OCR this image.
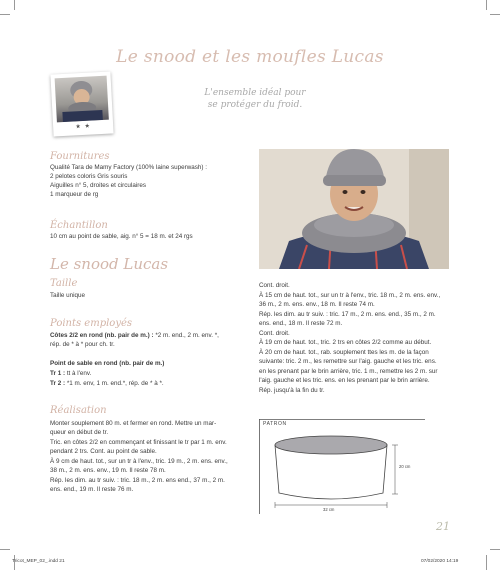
Le snood et les moufles Lucas
L'ensemble idéal pour
se protéger du froid.
★ ★
Fournitures
Qualité Tara de Mamy Factory (100% laine superwash) :
2 pelotes coloris Gris souris
Aiguilles n° 5, droites et circulaires
1 marqueur de rg
Échantillon
10 cm au point de sable, aig. n° 5 = 18 m. et 24 rgs
Le snood Lucas
Taille
Taille unique
Points employés
Côtes 2/2 en rond (nb. pair de m.) : *2 m. end., 2 m. env. *,
rép. de * à * pour ch. tr.
Point de sable en rond (nb. pair de m.)
Tr 1 : tt à l'env.
Tr 2 : *1 m. env, 1 m. end.*, rép. de * à *.
Réalisation
Monter souplement 80 m. et fermer en rond. Mettre un mar-
queur en début de tr.
Tric. en côtes 2/2 en commençant et finissant le tr par 1 m. env.
pendant 2 trs. Cont. au point de sable.
À 9 cm de haut. tot., sur un tr à l'env., tric. 19 m., 2 m. ens. env.,
38 m., 2 m. ens. env., 19 m. Il reste 78 m.
Rép. les dim. au tr suiv. : tric. 18 m., 2 m. ens end., 37 m., 2 m.
ens. end., 19 m. Il reste 76 m.
Cont. droit.
À 15 cm de haut. tot., sur un tr à l'env., tric. 18 m., 2 m. ens. env.,
36 m., 2 m. ens. env., 18 m. Il reste 74 m.
Rép. les dim. au tr suiv. : tric. 17 m., 2 m. ens. end., 35 m., 2 m.
ens. end., 18 m. Il reste 72 m.
Cont. droit.
À 19 cm de haut. tot., tric. 2 trs en côtes 2/2 comme au début.
À 20 cm de haut. tot., rab. souplement ttes les m. de la façon
suivante: tric. 2 m., les remettre sur l'aig. gauche et les tric. ens.
en les prenant par le brin arrière, tric. 1 m., remettre les 2 m. sur
l'aig. gauche et les tric. ens. en les prenant par le brin arrière.
Rép. jusqu'à la fin du tr.
PATRON
20 cm
32 cm
21
Tricot_MEP_02_.indd 21	07/02/2020 14:19
